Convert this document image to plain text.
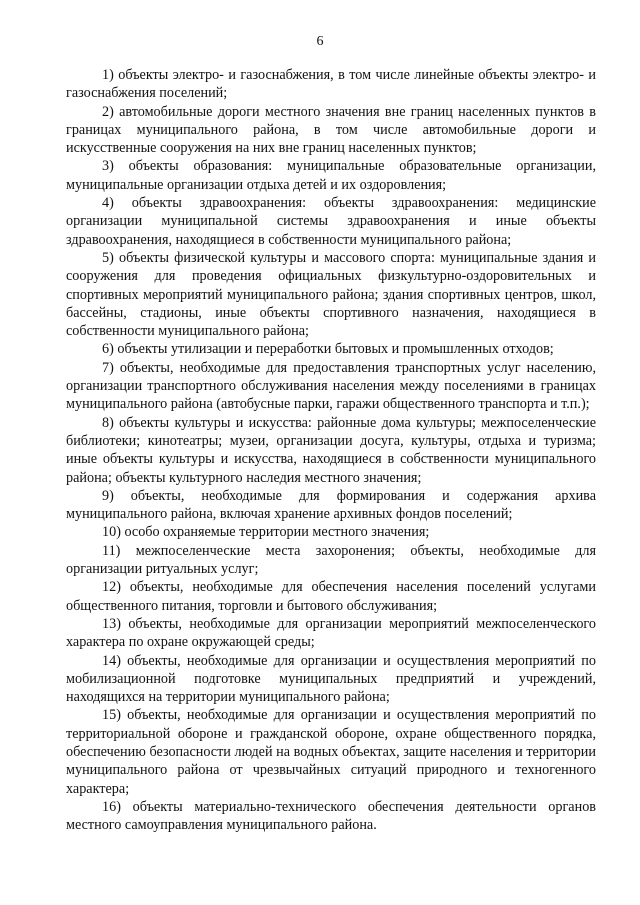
6

1) объекты электро- и газоснабжения, в том числе линейные объекты электро- и газоснабжения поселений;

2) автомобильные дороги местного значения вне границ населенных пунктов в границах муниципального района, в том числе автомобильные дороги и искусственные сооружения на них вне границ населенных пунктов;

3) объекты образования: муниципальные образовательные организации, муниципальные организации отдыха детей и их оздоровления;

4) объекты здравоохранения: объекты здравоохранения: медицинские организации муниципальной системы здравоохранения и иные объекты здравоохранения, находящиеся в собственности муниципального района;

5) объекты физической культуры и массового спорта: муниципальные здания и сооружения для проведения официальных физкультурно-оздоровительных и спортивных мероприятий муниципального района; здания спортивных центров, школ, бассейны, стадионы, иные объекты спортивного назначения, находящиеся в собственности муниципального района;

6) объекты утилизации и переработки бытовых и промышленных отходов;

7) объекты, необходимые для предоставления транспортных услуг населению, организации транспортного обслуживания населения между поселениями в границах муниципального района (автобусные парки, гаражи общественного транспорта и т.п.);

8) объекты культуры и искусства: районные дома культуры; межпоселенческие библиотеки; кинотеатры; музеи, организации досуга, культуры, отдыха и туризма; иные объекты культуры и искусства, находящиеся в собственности муниципального района; объекты культурного наследия местного значения;

9) объекты, необходимые для формирования и содержания архива муниципального района, включая хранение архивных фондов поселений;

10) особо охраняемые территории местного значения;

11) межпоселенческие места захоронения; объекты, необходимые для организации ритуальных услуг;

12) объекты, необходимые для обеспечения населения поселений услугами общественного питания, торговли и бытового обслуживания;

13) объекты, необходимые для организации мероприятий межпоселенческого характера по охране окружающей среды;

14) объекты, необходимые для организации и осуществления мероприятий по мобилизационной подготовке муниципальных предприятий и учреждений, находящихся на территории муниципального района;

15) объекты, необходимые для организации и осуществления мероприятий по территориальной обороне и гражданской обороне, охране общественного порядка, обеспечению безопасности людей на водных объектах, защите населения и территории муниципального района от чрезвычайных ситуаций природного и техногенного характера;

16) объекты материально-технического обеспечения деятельности органов местного самоуправления муниципального района.
